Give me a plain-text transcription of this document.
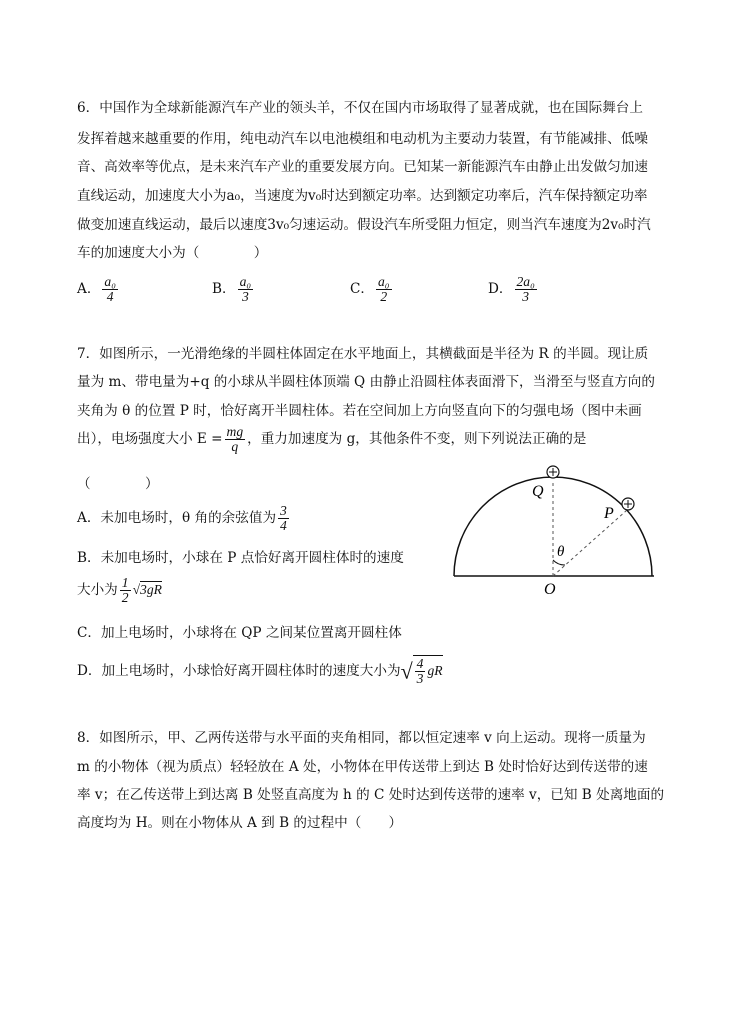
6．中国作为全球新能源汽车产业的领头羊，不仅在国内市场取得了显著成就，也在国际舞台上
发挥着越来越重要的作用，纯电动汽车以电池模组和电动机为主要动力装置，有节能减排、低噪
音、高效率等优点，是未来汽车产业的重要发展方向。已知某一新能源汽车由静止出发做匀加速
直线运动，加速度大小为a₀，当速度为v₀时达到额定功率。达到额定功率后，汽车保持额定功率
做变加速直线运动，最后以速度3v₀匀速运动。假设汽车所受阻力恒定，则当汽车速度为2v₀时汽
车的加速度大小为（　　　　）
A． $\frac{\text{a₀}}{4}$	B． $\frac{\text{a₀}}{3}$	C． $\frac{\text{a₀}}{2}$	D． $\frac{\text{2a₀}}{3}$
7．如图所示，一光滑绝缘的半圆柱体固定在水平地面上，其横截面是半径为 R 的半圆。现让质
量为 m、带电量为+q 的小球从半圆柱体顶端 Q 由静止沿圆柱体表面滑下，当滑至与竖直方向的
夹角为 θ 的位置 P 时，恰好离开半圆柱体。若在空间加上方向竖直向下的匀强电场（图中未画
出），电场强度大小 $E = \frac{mg}{q}$ ，重力加速度为 g，其他条件不变，则下列说法正确的是
（　　　　）
A．未加电场时，θ 角的余弦值为 $\frac{3}{4}$
B．未加电场时，小球在 P 点恰好离开圆柱体时的速度
大小为 $\frac{1}{2} √3gR$
C．加上电场时，小球将在 QP 之间某位置离开圆柱体
D．加上电场时，小球恰好离开圆柱体时的速度大小为√ $\frac{4}{3}$ gR
Q
P
O
θ
8．如图所示，甲、乙两传送带与水平面的夹角相同，都以恒定速率 v 向上运动。现将一质量为
m 的小物体（视为质点）轻轻放在 A 处，小物体在甲传送带上到达 B 处时恰好达到传送带的速
率 v；在乙传送带上到达离 B 处竖直高度为 h 的 C 处时达到传送带的速率 v，已知 B 处离地面的
高度均为 H。则在小物体从 A 到 B 的过程中（　　）
